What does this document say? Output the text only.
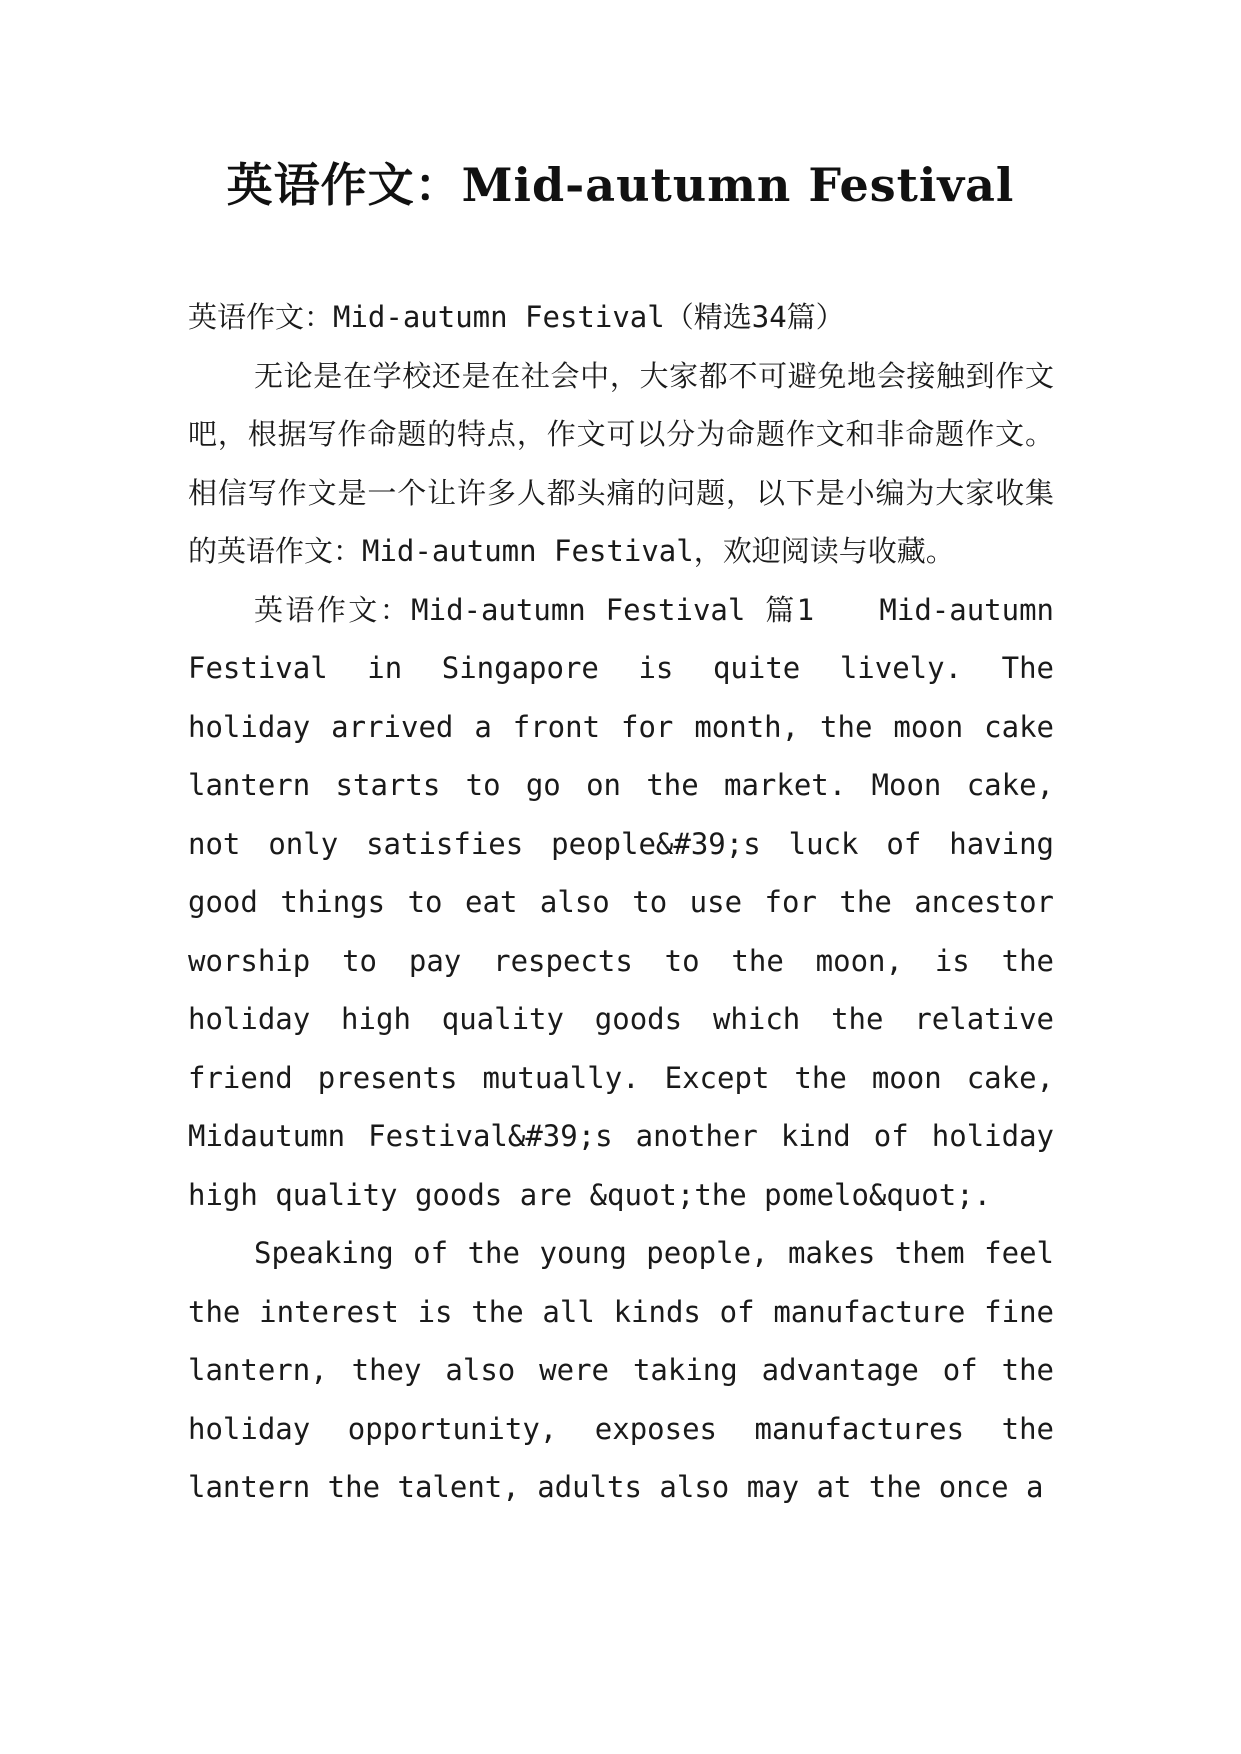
英语作文：Mid-autumn Festival

英语作文：Mid-autumn Festival（精选34篇）

无论是在学校还是在社会中，大家都不可避免地会接触到作文吧，根据写作命题的特点，作文可以分为命题作文和非命题作文。相信写作文是一个让许多人都头痛的问题，以下是小编为大家收集的英语作文：Mid-autumn Festival，欢迎阅读与收藏。

英语作文：Mid-autumn Festival 篇1　　Mid-autumn Festival in Singapore is quite lively. The holiday arrived a front for month, the moon cake lantern starts to go on the market. Moon cake, not only satisfies people&#39;s luck of having good things to eat also to use for the ancestor worship to pay respects to the moon, is the holiday high quality goods which the relative friend presents mutually. Except the moon cake, Midautumn Festival&#39;s another kind of holiday high quality goods are &quot;the pomelo&quot;.

Speaking of the young people, makes them feel the interest is the all kinds of manufacture fine lantern, they also were taking advantage of the holiday opportunity, exposes manufactures the lantern the talent, adults also may at the once a
